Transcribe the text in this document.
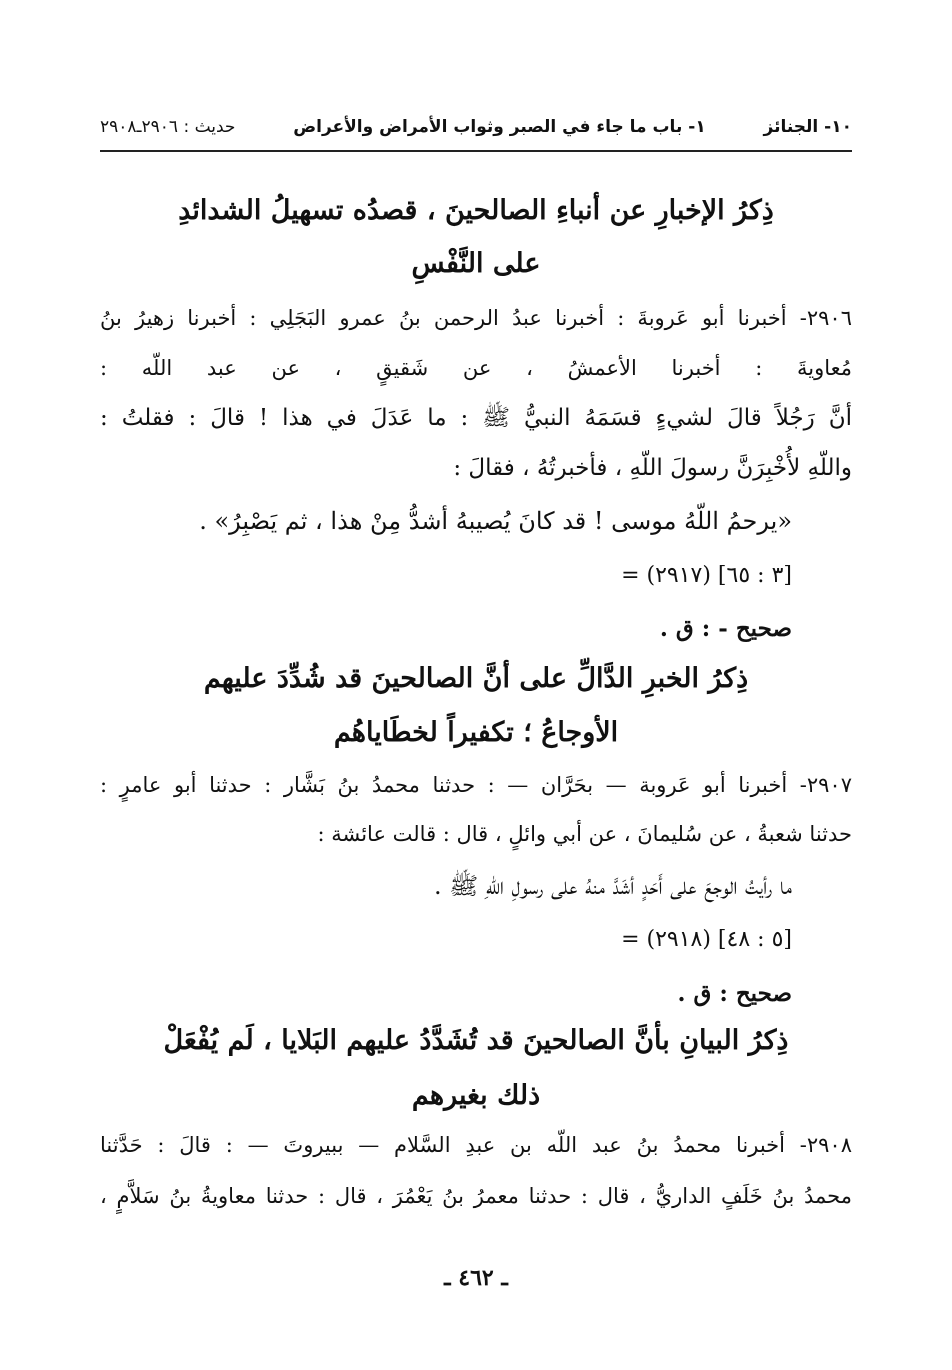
١٠- الجنائز
١- باب ما جاء في الصبر وثواب الأمراض والأعراض
حديث : ٢٩٠٦ـ٢٩٠٨
ذِكرُ الإخبارِ عن أنباءِ الصالحينَ ، قصدُه تسهيلُ الشدائدِ
على النَّفْسِ
٢٩٠٦- أخبرنا أبو عَروبةَ : أخبرنا عبدُ الرحمن بنُ عمرو البَجَلِي : أخبرنا زهيرُ بنُ
مُعاويةَ : أخبرنا الأعمشُ ، عن شَقيقٍ ، عن عبد اللّه :
أنَّ رَجُلاً قالَ لشيءٍ قسَمَهُ النبيُّ ﷺ : ما عَدَلَ في هذا ! قالَ : فقلتُ :
واللّهِ لأُخْبِرَنَّ رسولَ اللّهِ ، فأخبرتُهُ ، فقالَ :
«يرحمُ اللّهُ موسى ! قد كانَ يُصيبهُ أشدُّ مِنْ هذا ، ثم يَصْبِرُ» .
= (٢٩١٧) [٣ : ٦٥]
صحيح - : ق .
ذِكرُ الخبرِ الدَّالِّ على أنَّ الصالحينَ قد شُدِّدَ عليهم
الأوجاعُ ؛ تكفيراً لخطَاياهُم
٢٩٠٧- أخبرنا أبو عَروبة — بحَرَّان — : حدثنا محمدُ بنُ بَشَّار : حدثنا أبو عامرٍ :
حدثنا شعبةُ ، عن سُليمانَ ، عن أبي وائلٍ ، قال : قالت عائشة :
ما رأيتُ الوجعَ على أَحَدٍ أشَدَّ منهُ على رسولِ اللّهِ ﷺ .
= (٢٩١٨) [٥ : ٤٨]
صحيح : ق .
ذِكرُ البيانِ بأنَّ الصالحينَ قد تُشَدَّدُ عليهم البَلايا ، لَم يُفْعَلْ
ذلك بغيرهم
٢٩٠٨- أخبرنا محمدُ بنُ عبد اللّه بن عبدِ السَّلام — ببيروتَ — : قالَ : حَدَّثنا
محمدُ بنُ خَلَفٍ الداريُّ ، قال : حدثنا معمرُ بنُ يَعْمُرَ ، قال : حدثنا معاويةُ بنُ سَلاَّمٍ ،
ـ ٤٦٢ ـ
